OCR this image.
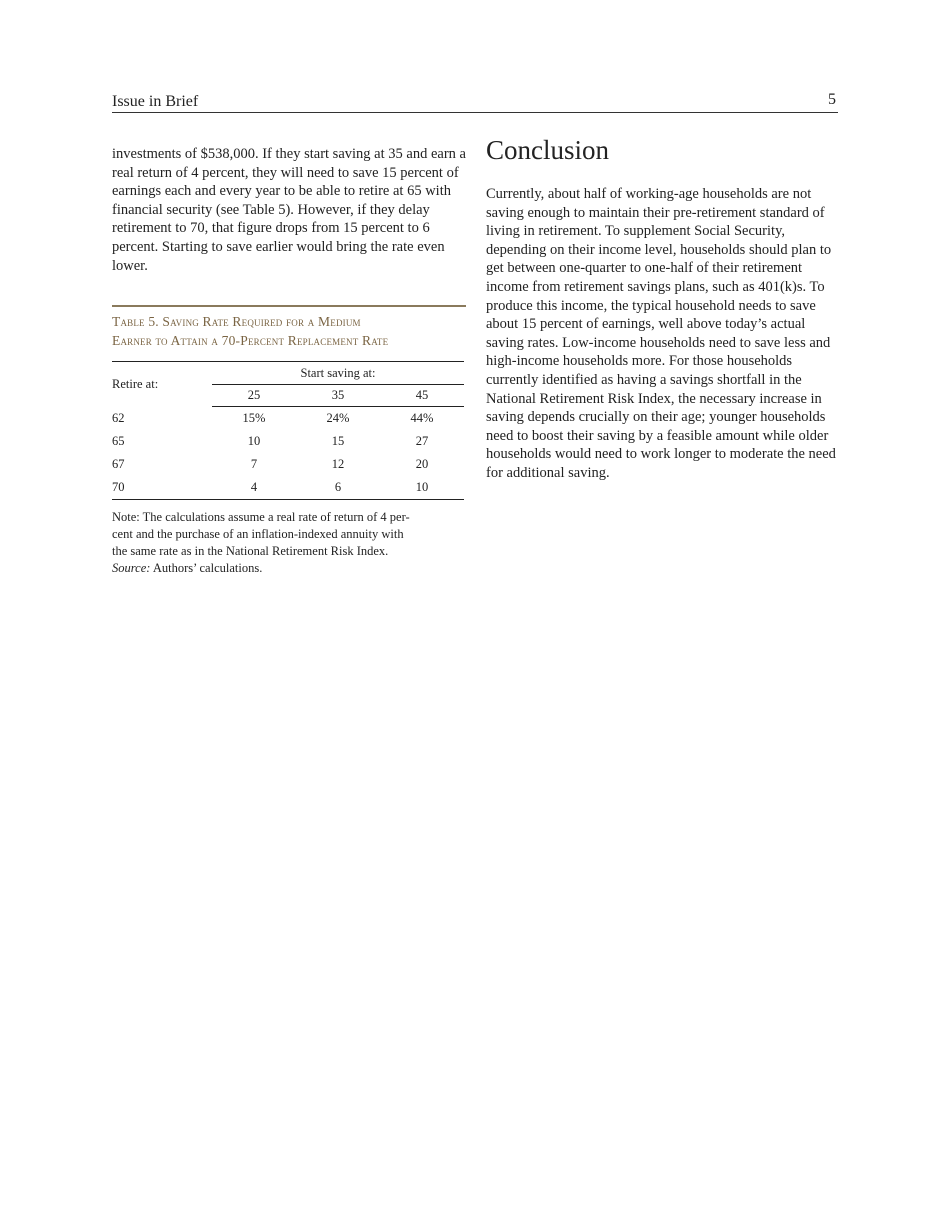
Issue in Brief	5

investments of $538,000. If they start saving at 35 and earn a real return of 4 percent, they will need to save 15 percent of earnings each and every year to be able to retire at 65 with financial security (see Table 5). However, if they delay retirement to 70, that figure drops from 15 percent to 6 percent. Starting to save earlier would bring the rate even lower.

Table 5. Saving Rate Required for a Medium
Earner to Attain a 70-Percent Replacement Rate

Retire at:	Start saving at:		
	25	35	45
62	15%	24%	44%
65	10	15	27
67	7	12	20
70	4	6	10
Note: The calculations assume a real rate of return of 4 per-
cent and the purchase of an inflation-indexed annuity with
the same rate as in the National Retirement Risk Index.
Source: Authors’ calculations.
Conclusion

Currently, about half of working-age households are not saving enough to maintain their pre-retirement standard of living in retirement. To supplement Social Security, depending on their income level, households should plan to get between one-quarter to one-half of their retirement income from retirement savings plans, such as 401(k)s. To produce this income, the typical household needs to save about 15 percent of earnings, well above today’s actual saving rates. Low-income households need to save less and high-income households more. For those households currently identified as having a savings shortfall in the National Retirement Risk Index, the necessary increase in saving depends crucially on their age; younger households need to boost their saving by a feasible amount while older households would need to work longer to moderate the need for additional saving.
